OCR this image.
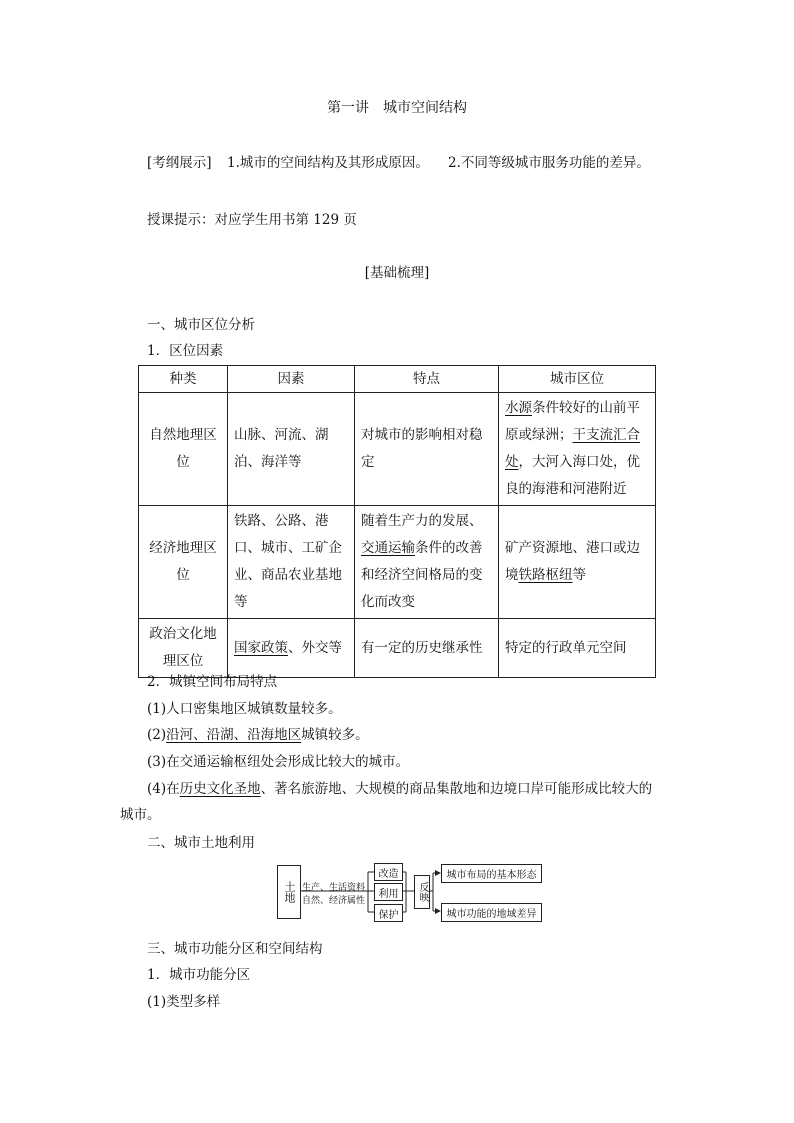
第一讲　城市空间结构
[考纲展示] 1.城市的空间结构及其形成原因。 2.不同等级城市服务功能的差异。
授课提示：对应学生用书第 129 页
[基础梳理]
一、城市区位分析
1．区位因素
种类	因素	特点	城市区位
自然地理区位	山脉、河流、湖泊、海洋等	对城市的影响相对稳定	水源条件较好的山前平原或绿洲；干支流汇合处，大河入海口处，优良的海港和河港附近
经济地理区位	铁路、公路、港口、城市、工矿企业、商品农业基地等	随着生产力的发展、交通运输条件的改善和经济空间格局的变化而改变	矿产资源地、港口或边境铁路枢纽等
政治文化地理区位	国家政策、外交等	有一定的历史继承性	特定的行政单元空间
2．城镇空间布局特点
(1)人口密集地区城镇数量较多。
(2)沿河、沿湖、沿海地区城镇较多。
(3)在交通运输枢纽处会形成比较大的城市。
(4)在历史文化圣地、著名旅游地、大规模的商品集散地和边境口岸可能形成比较大的
城市。
二、城市土地利用
土地 生产、生活资料
自然、经济属性
改造
利用
保护
反映
城市布局的基本形态
城市功能的地域差异
三、城市功能分区和空间结构
1．城市功能分区
(1)类型多样
